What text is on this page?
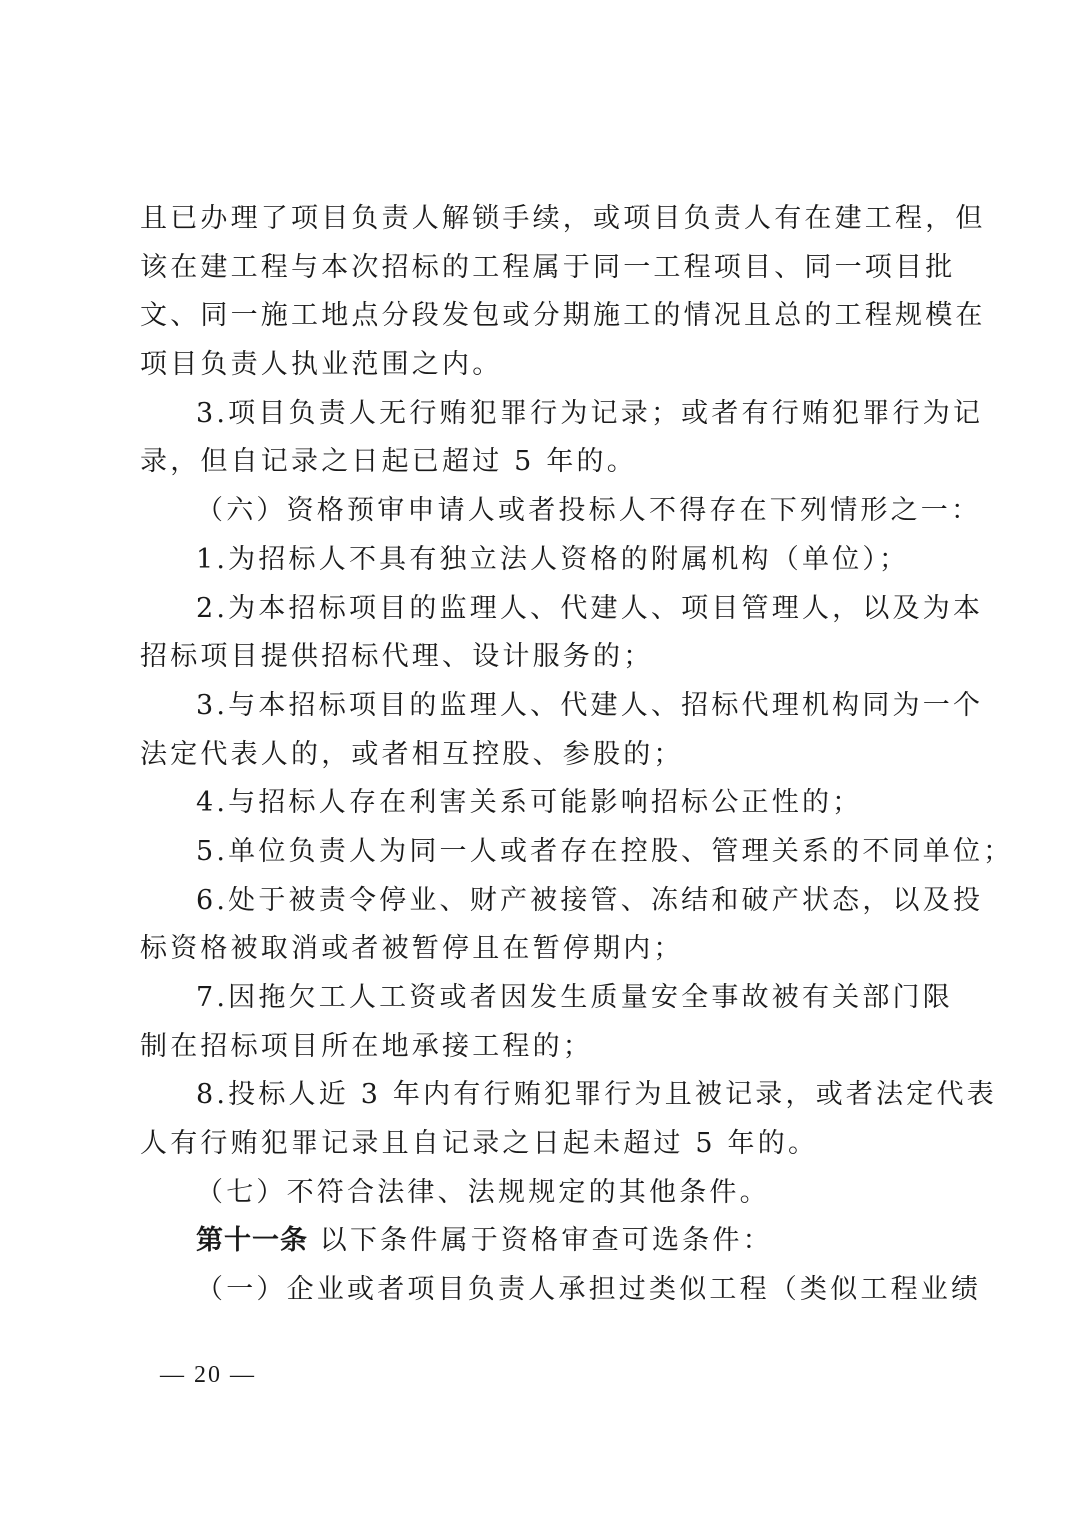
且已办理了项目负责人解锁手续，或项目负责人有在建工程，但
该在建工程与本次招标的工程属于同一工程项目、同一项目批
文、同一施工地点分段发包或分期施工的情况且总的工程规模在
项目负责人执业范围之内。
3.项目负责人无行贿犯罪行为记录；或者有行贿犯罪行为记
录，但自记录之日起已超过 5 年的。
（六）资格预审申请人或者投标人不得存在下列情形之一：
1.为招标人不具有独立法人资格的附属机构（单位）；
2.为本招标项目的监理人、代建人、项目管理人，以及为本
招标项目提供招标代理、设计服务的；
3.与本招标项目的监理人、代建人、招标代理机构同为一个
法定代表人的，或者相互控股、参股的；
4.与招标人存在利害关系可能影响招标公正性的；
5.单位负责人为同一人或者存在控股、管理关系的不同单位；
6.处于被责令停业、财产被接管、冻结和破产状态，以及投
标资格被取消或者被暂停且在暂停期内；
7.因拖欠工人工资或者因发生质量安全事故被有关部门限
制在招标项目所在地承接工程的；
8.投标人近 3 年内有行贿犯罪行为且被记录，或者法定代表
人有行贿犯罪记录且自记录之日起未超过 5 年的。
（七）不符合法律、法规规定的其他条件。
第十一条 以下条件属于资格审查可选条件：
（一）企业或者项目负责人承担过类似工程（类似工程业绩
— 20 —
